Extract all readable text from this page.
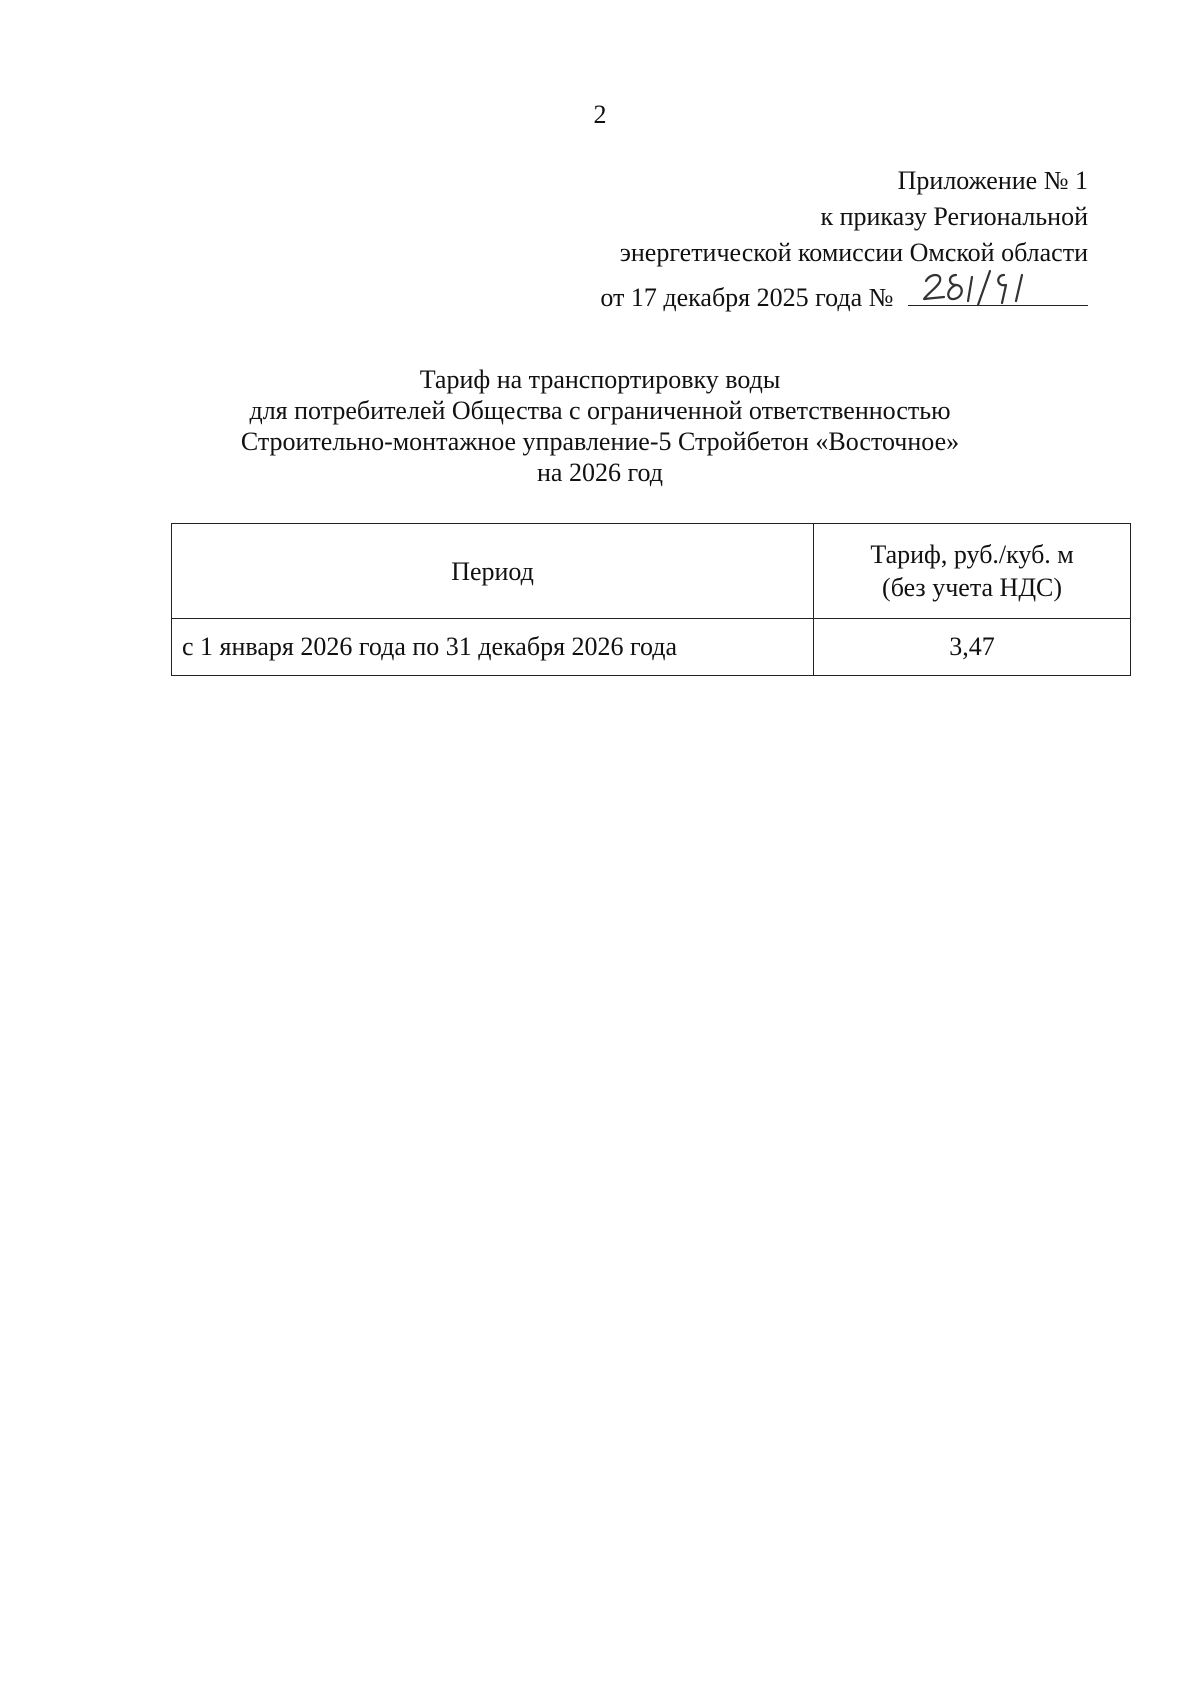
2
Приложение № 1
к приказу Региональной
энергетической комиссии Омской области
от 17 декабря 2025 года №
Тариф на транспортировку воды
для потребителей Общества с ограниченной ответственностью
Строительно-монтажное управление-5 Стройбетон «Восточное»
на 2026 год
Период	Тариф, руб./куб. м
(без учета НДС)
с 1 января 2026 года по 31 декабря 2026 года	3,47
